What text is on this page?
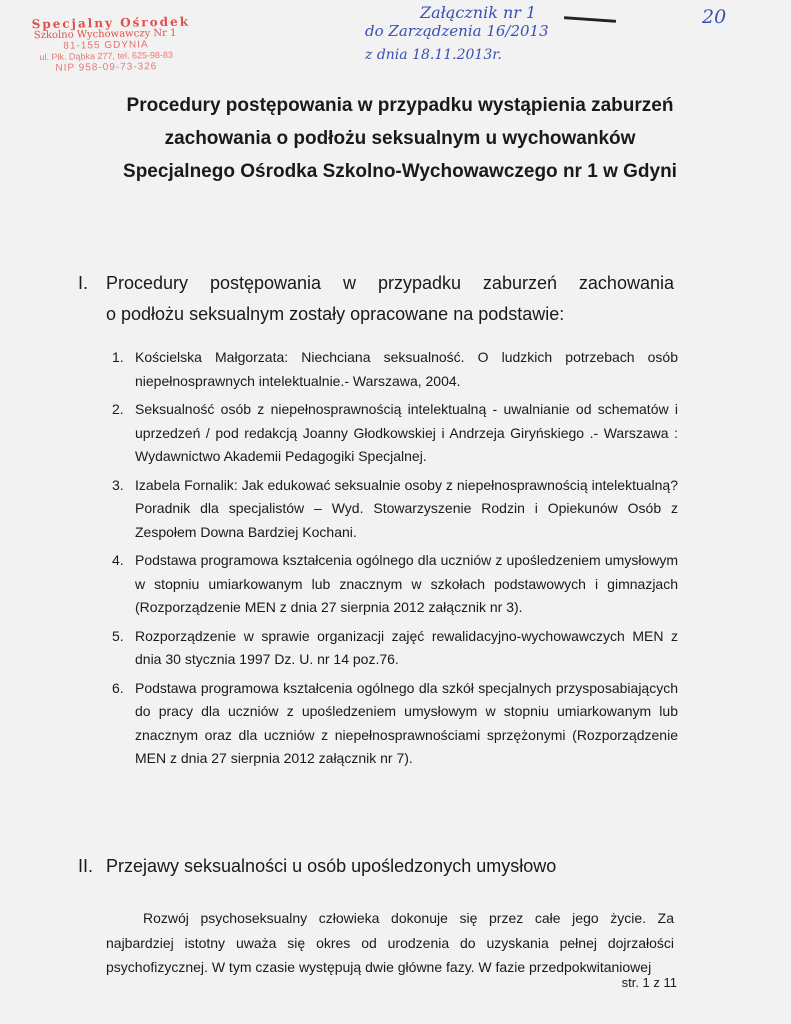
Specjalny Ośrodek
Szkolno Wychowawczy Nr 1
81-155 GDYNIA
ul. Płk. Dąbka 277, tel. 625-98-83
NIP 958-09-73-326
Załącznik nr 1
do Zarządzenia 16/2013
z dnia 18.11.2013r.
20
Procedury postępowania w przypadku wystąpienia zaburzeń
zachowania o podłożu seksualnym u wychowanków
Specjalnego Ośrodka Szkolno-Wychowawczego nr 1 w Gdyni
I. Procedury postępowania w przypadku zaburzeń zachowania
o podłożu seksualnym zostały opracowane na podstawie:
1. Kościelska Małgorzata: Niechciana seksualność. O ludzkich potrzebach osób niepełnosprawnych intelektualnie.- Warszawa, 2004.
2. Seksualność osób z niepełnosprawnością intelektualną - uwalnianie od schematów i uprzedzeń / pod redakcją Joanny Głodkowskiej i Andrzeja Giryńskiego .- Warszawa : Wydawnictwo Akademii Pedagogiki Specjalnej.
3. Izabela Fornalik: Jak edukować seksualnie osoby z niepełnosprawnością intelektualną? Poradnik dla specjalistów – Wyd. Stowarzyszenie Rodzin i Opiekunów Osób z Zespołem Downa Bardziej Kochani.
4. Podstawa programowa kształcenia ogólnego dla uczniów z upośledzeniem umysłowym w stopniu umiarkowanym lub znacznym w szkołach podstawowych i gimnazjach (Rozporządzenie MEN z dnia 27 sierpnia 2012 załącznik nr 3).
5. Rozporządzenie w sprawie organizacji zajęć rewalidacyjno-wychowawczych MEN z dnia 30 stycznia 1997 Dz. U. nr 14 poz.76.
6. Podstawa programowa kształcenia ogólnego dla szkół specjalnych przysposabiających do pracy dla uczniów z upośledzeniem umysłowym w stopniu umiarkowanym lub znacznym oraz dla uczniów z niepełnosprawnościami sprzężonymi (Rozporządzenie MEN z dnia 27 sierpnia 2012 załącznik nr 7).
II. Przejawy seksualności u osób upośledzonych umysłowo

Rozwój psychoseksualny człowieka dokonuje się przez całe jego życie. Za najbardziej istotny uważa się okres od urodzenia do uzyskania pełnej dojrzałości psychofizycznej. W tym czasie występują dwie główne fazy. W fazie przedpokwitaniowej

str. 1 z 11
